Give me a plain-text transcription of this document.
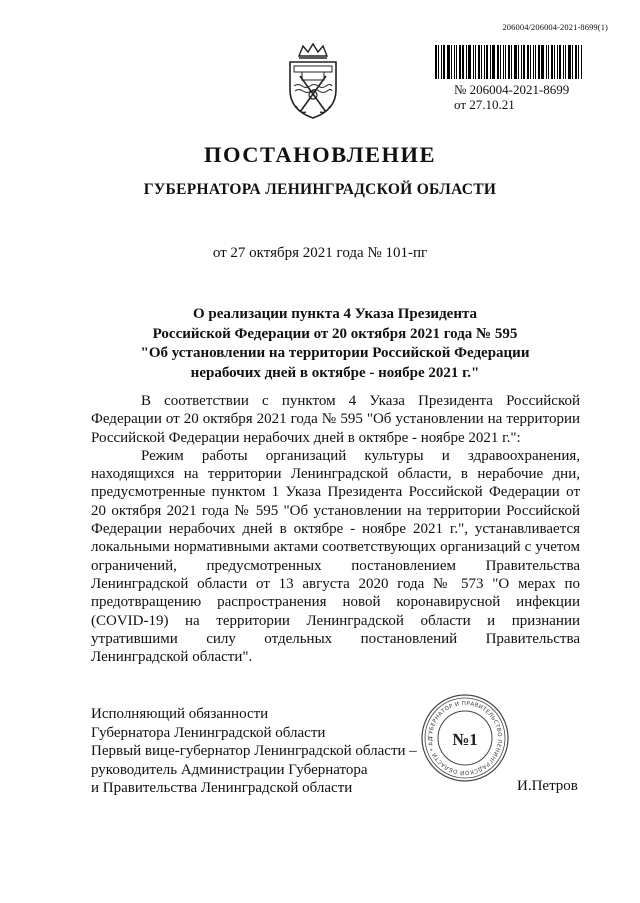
206004/206004-2021-8699(1)
№ 206004-2021-8699
от 27.10.21
ПОСТАНОВЛЕНИЕ
ГУБЕРНАТОРА ЛЕНИНГРАДСКОЙ ОБЛАСТИ
от 27 октября 2021 года № 101-пг
О реализации пункта 4 Указа Президента
Российской Федерации от 20 октября 2021 года № 595
"Об установлении на территории Российской Федерации
нерабочих дней в октябре - ноябре 2021 г."

В соответствии с пунктом 4 Указа Президента Российской Федерации от 20 октября 2021 года № 595 "Об установлении на территории Российской Федерации нерабочих дней в октябре - ноябре 2021 г.":

Режим работы организаций культуры и здравоохранения, находящихся на территории Ленинградской области, в нерабочие дни, предусмотренные пунктом 1 Указа Президента Российской Федерации от 20 октября 2021 года № 595 "Об установлении на территории Российской Федерации нерабочих дней в октябре - ноябре 2021 г.", устанавливается локальными нормативными актами соответствующих организаций с учетом ограничений, предусмотренных постановлением Правительства Ленинградской области от 13 августа 2020 года № 573 "О мерах по предотвращению распространения новой коронавирусной инфекции (COVID-19) на территории Ленинградской области и признании утратившими силу отдельных постановлений Правительства Ленинградской области".

Исполняющий обязанности
Губернатора Ленинградской области
Первый вице-губернатор Ленинградской области –
руководитель Администрации Губернатора
и Правительства Ленинградской области
ГУБЕРНАТОР И ПРАВИТЕЛЬСТВО ЛЕНИНГРАДСКОЙ ОБЛАСТИ * АД	№1
И.Петров
